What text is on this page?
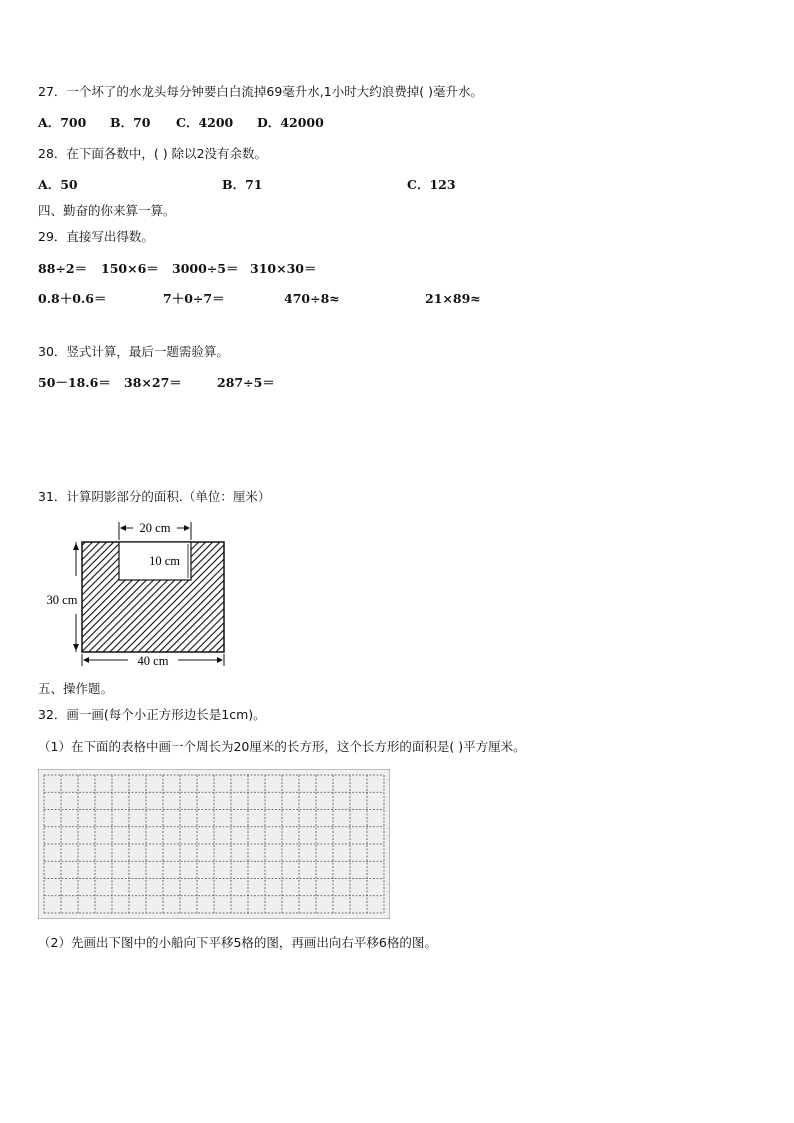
27．一个坏了的水龙头每分钟要白白流掉69毫升水,1小时大约浪费掉( )毫升水。
A．700 B．70 C．4200 D．42000
28．在下面各数中，( ) 除以2没有余数。
A．50	B．71	C．123
四、勤奋的你来算一算。
29．直接写出得数。
88÷2＝ 150×6＝ 3000÷5＝ 310×30＝
0.8＋0.6＝	7＋0÷7＝	470÷8≈	21×89≈
30．竖式计算，最后一题需验算。
50－18.6＝ 38×27＝	287÷5＝
31．计算阴影部分的面积.（单位：厘米）
20 cm
10 cm
30 cm
40 cm
五、操作题。
32．画一画(每个小正方形边长是1cm)。
（1）在下面的表格中画一个周长为20厘米的长方形，这个长方形的面积是( )平方厘米。
（2）先画出下图中的小船向下平移5格的图，再画出向右平移6格的图。
